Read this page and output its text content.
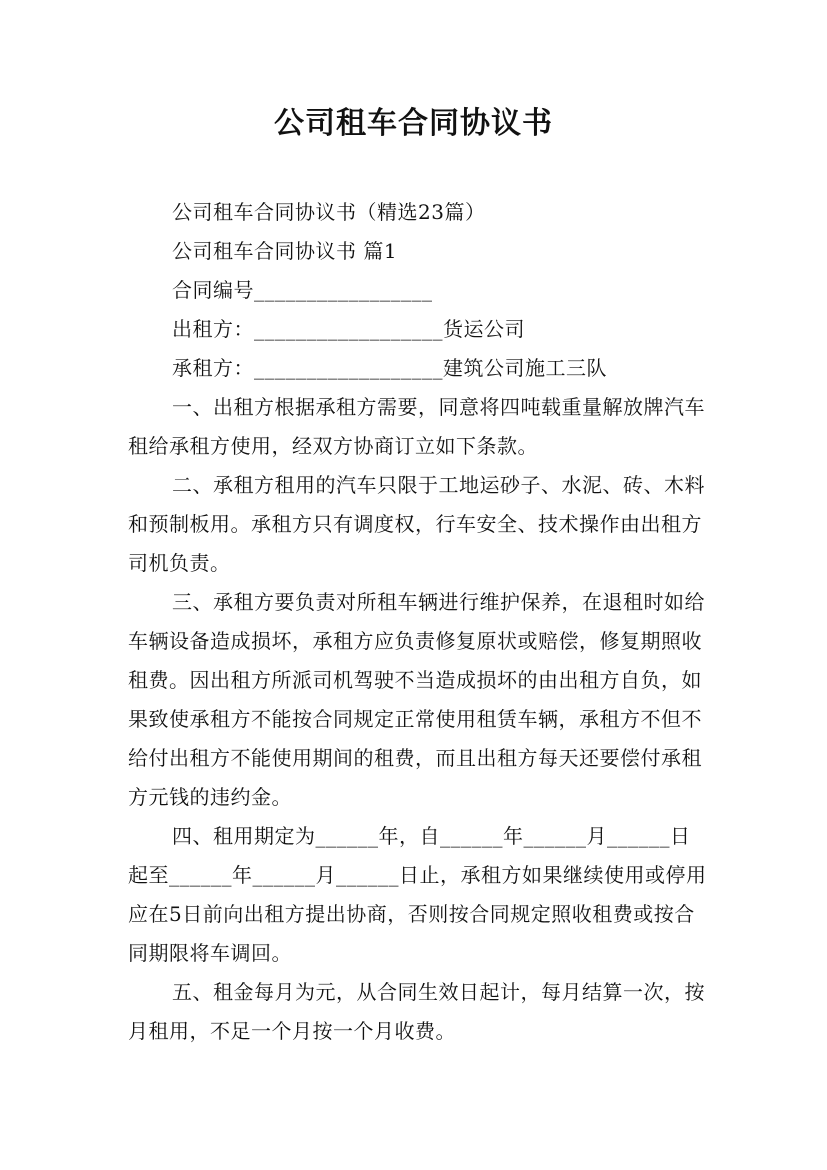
公司租车合同协议书

公司租车合同协议书（精选23篇）

公司租车合同协议书 篇1

合同编号_________________

出租方：__________________货运公司

承租方：__________________建筑公司施工三队

一、出租方根据承租方需要，同意将四吨载重量解放牌汽车租给承租方使用，经双方协商订立如下条款。

二、承租方租用的汽车只限于工地运砂子、水泥、砖、木料和预制板用。承租方只有调度权，行车安全、技术操作由出租方司机负责。

三、承租方要负责对所租车辆进行维护保养，在退租时如给车辆设备造成损坏，承租方应负责修复原状或赔偿，修复期照收租费。因出租方所派司机驾驶不当造成损坏的由出租方自负，如果致使承租方不能按合同规定正常使用租赁车辆，承租方不但不给付出租方不能使用期间的租费，而且出租方每天还要偿付承租方元钱的违约金。

四、租用期定为______年，自______年______月______日起至______年______月______日止，承租方如果继续使用或停用应在5日前向出租方提出协商，否则按合同规定照收租费或按合同期限将车调回。

五、租金每月为元，从合同生效日起计，每月结算一次，按月租用，不足一个月按一个月收费。
